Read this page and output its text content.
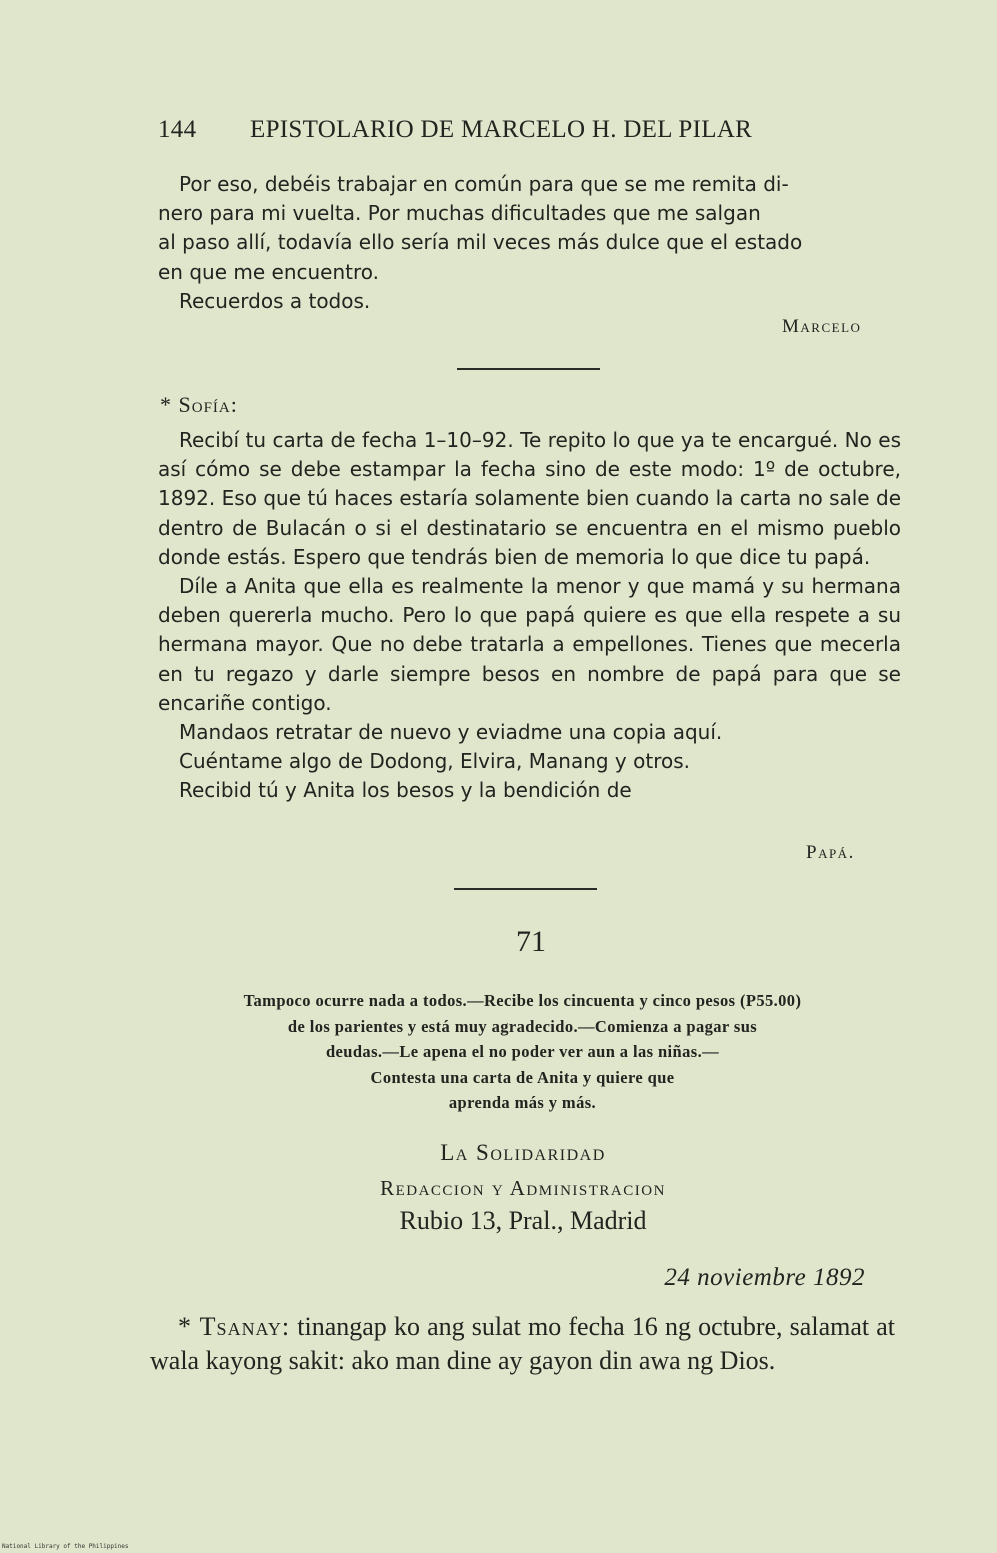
144 EPISTOLARIO DE MARCELO H. DEL PILAR

Por eso, debéis trabajar en común para que se me remita di-
nero para mi vuelta. Por muchas dificultades que me salgan
al paso allí, todavía ello sería mil veces más dulce que el estado
en que me encuentro.

Recuerdos a todos.

Marcelo
* Sofía:

Recibí tu carta de fecha 1–10–92. Te repito lo que ya te encargué. No es así cómo se debe estampar la fecha sino de este modo: 1º de octubre, 1892. Eso que tú haces estaría solamente bien cuando la carta no sale de dentro de Bulacán o si el destinatario se encuentra en el mismo pueblo donde estás. Espero que tendrás bien de memoria lo que dice tu papá.

Díle a Anita que ella es realmente la menor y que mamá y su hermana deben quererla mucho. Pero lo que papá quiere es que ella respete a su hermana mayor. Que no debe tratarla a empellones. Tienes que mecerla en tu regazo y darle siempre besos en nombre de papá para que se encariñe contigo.

Mandaos retratar de nuevo y eviadme una copia aquí.

Cuéntame algo de Dodong, Elvira, Manang y otros.

Recibid tú y Anita los besos y la bendición de

Papá.
71
Tampoco ocurre nada a todos.—Recibe los cincuenta y cinco pesos (P55.00)
de los parientes y está muy agradecido.—Comienza a pagar sus
deudas.—Le apena el no poder ver aun a las niñas.—
Contesta una carta de Anita y quiere que
aprenda más y más.
La Solidaridad
Redaccion y Administracion
Rubio 13, Pral., Madrid
24 noviembre 1892

* Tsanay: tinangap ko ang sulat mo fecha 16 ng octubre, salamat at wala kayong sakit: ako man dine ay gayon din awa ng Dios.

National Library of the Philippines
